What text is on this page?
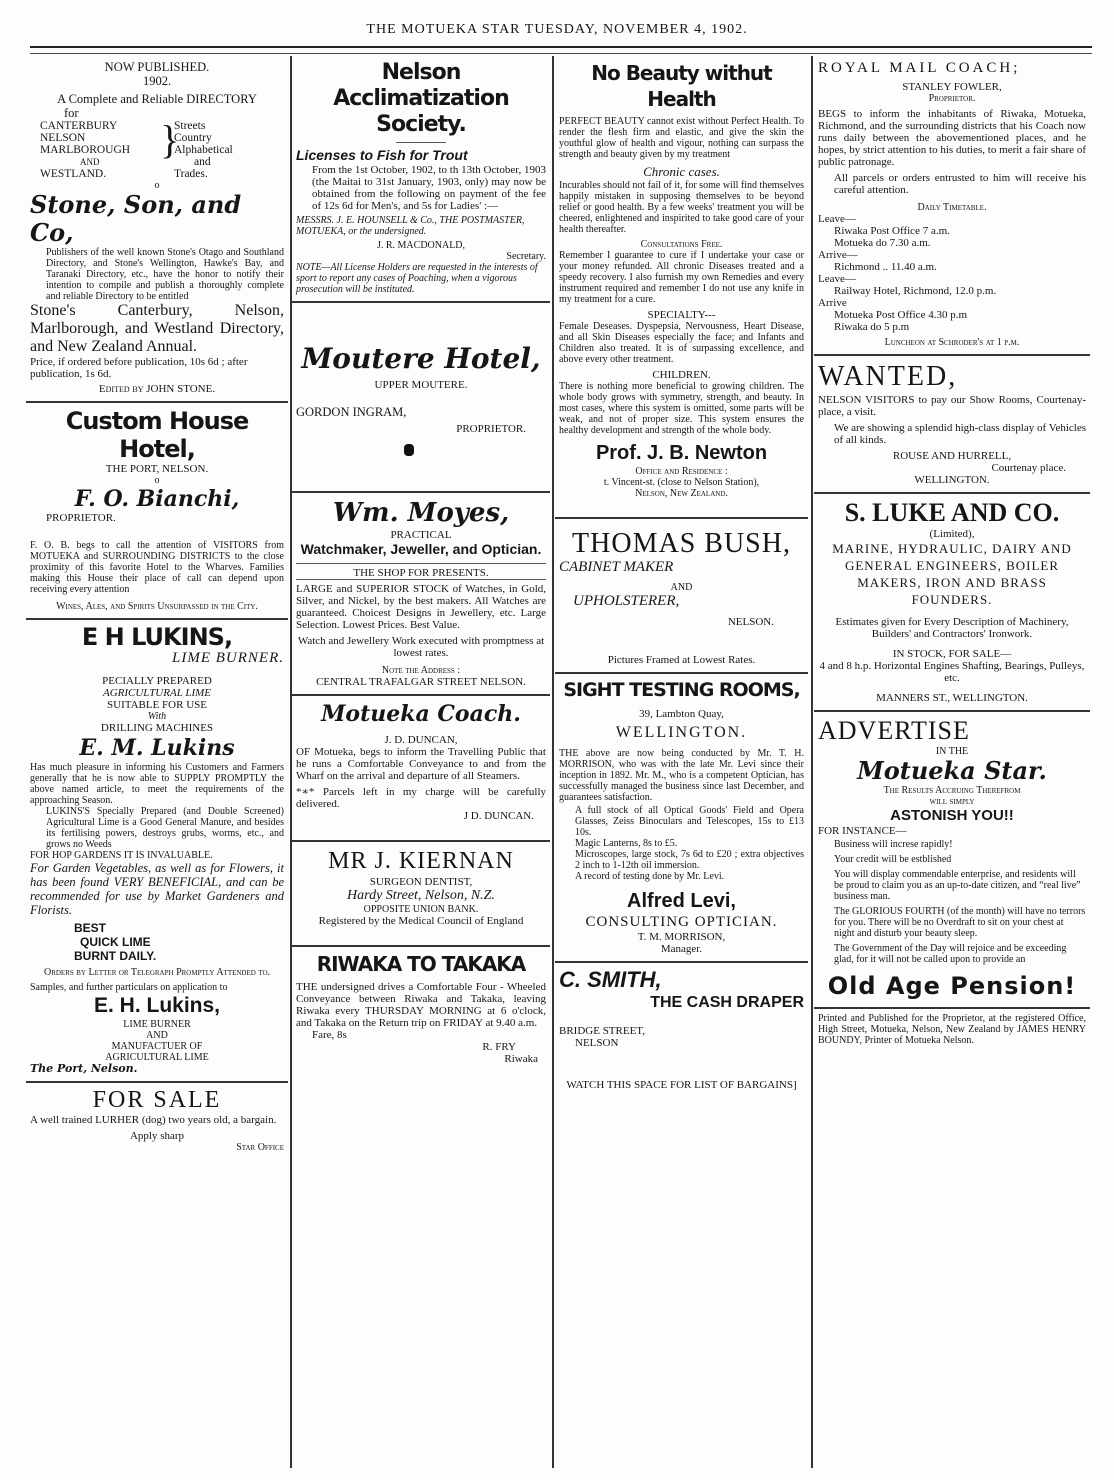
THE MOTUEKA STAR TUESDAY, NOVEMBER 4, 1902.
NOW PUBLISHED.
1902.
A Complete and Reliable DIRECTORY
for
CANTERBURY
NELSON
MARLBOROUGH
AND
WESTLAND.
}
Streets
Country
Alphabetical
and
Trades.
o
Stone, Son, and Co,
Publishers of the well known Stone's Otago and Southland Directory, and Stone's Wellington, Hawke's Bay, and Taranaki Directory, etc., have the honor to notify their intention to compile and publish a thoroughly complete and reliable Directory to be entitled
Stone's Canterbury, Nelson, Marlborough, and Westland Directory, and New Zealand Annual.
Price, if ordered before publication, 10s 6d ; after publication, 1s 6d.
Edited by JOHN STONE.
Custom House Hotel,
THE PORT, NELSON.
o
F. O. Bianchi,
PROPRIETOR.
F. O. B. begs to call the attention of VISITORS from MOTUEKA and SURROUNDING DISTRICTS to the close proximity of this favorite Hotel to the Wharves. Families making this House their place of call can depend upon receiving every attention
Wines, Ales, and Spirits Unsurpassed in the City.
E H LUKINS,
LIME BURNER.
PECIALLY PREPARED
AGRICULTURAL LIME
SUITABLE FOR USE
With
DRILLING MACHINES
E. M. Lukins
Has much pleasure in informing his Customers and Farmers generally that he is now able to SUPPLY PROMPTLY the above named article, to meet the requirements of the approaching Season.
LUKINS'S Specially Prepared (and Double Screened) Agricultural Lime is a Good General Manure, and besides its fertilising powers, destroys grubs, worms, etc., and grows no Weeds
FOR HOP GARDENS IT IS INVALUABLE.
For Garden Vegetables, as well as for Flowers, it has been found VERY BENEFICIAL, and can be recommended for use by Market Gardeners and Florists.
BEST
QUICK LIME
BURNT DAILY.
Orders by Letter or Telegraph Promptly Attended to.
Samples, and further particulars on application to
E. H. Lukins,
LIME BURNER
AND
MANUFACTUER OF
AGRICULTURAL LIME
The Port, Nelson.
FOR SALE
A well trained LURHER (dog) two years old, a bargain.
Apply sharp
Star Office
Nelson Acclimatization Society.
Licenses to Fish for Trout
From the 1st October, 1902, to th 13th October, 1903 (the Maitai to 31st January, 1903, only) may now be obtained from the following on payment of the fee of 12s 6d for Men's, and 5s for Ladies' :—
MESSRS. J. E. HOUNSELL & Co., THE POSTMASTER, MOTUEKA, or the undersigned.
J. R. MACDONALD,
Secretary.
NOTE—All License Holders are requested in the interests of sport to report any cases of Poaching, when a vigorous prosecution will be instituted.
Moutere Hotel,
UPPER MOUTERE.
GORDON INGRAM,
PROPRIETOR.
Wm. Moyes,
PRACTICAL
Watchmaker, Jeweller, and Optician.
THE SHOP FOR PRESENTS.
LARGE and SUPERIOR STOCK of Watches, in Gold, Silver, and Nickel, by the best makers. All Watches are guaranteed. Choicest Designs in Jewellery, etc. Large Selection. Lowest Prices. Best Value.
Watch and Jewellery Work executed with promptness at lowest rates.
Note the Address :
CENTRAL TRAFALGAR STREET NELSON.
Motueka Coach.
J. D. DUNCAN,
OF Motueka, begs to inform the Travelling Public that he runs a Comfortable Conveyance to and from the Wharf on the arrival and departure of all Steamers.
*∗* Parcels left in my charge will be carefully delivered.
J D. DUNCAN.
MR J. KIERNAN
SURGEON DENTIST,
Hardy Street, Nelson, N.Z.
OPPOSITE UNION BANK.
Registered by the Medical Council of England
RIWAKA TO TAKAKA
THE undersigned drives a Comfortable Four - Wheeled Conveyance between Riwaka and Takaka, leaving Riwaka every THURSDAY MORNING at 6 o'clock, and Takaka on the Return trip on FRIDAY at 9.40 a.m.
Fare, 8s
R. FRY
Riwaka
No Beauty withut Health
PERFECT BEAUTY cannot exist without Perfect Health. To render the flesh firm and elastic, and give the skin the youthful glow of health and vigour, nothing can surpass the strength and beauty given by my treatment
Chronic cases.
Incurables should not fail of it, for some will find themselves happily mistaken in supposing themselves to be beyond relief or good health. By a few weeks' treatment you will be cheered, enlightened and inspirited to take good care of your health thereafter.
Consultations Free.
Remember I guarantee to cure if I undertake your case or your money refunded. All chronic Diseases treated and a speedy recovery. I also furnish my own Remedies and every instrument required and remember I do not use any knife in my treatment for a cure.
SPECIALTY---
Female Deseases. Dyspepsia, Nervousness, Heart Disease, and all Skin Diseases especially the face; and Infants and Children also treated. It is of surpassing excellence, and above every other treatment.
CHILDREN.
There is nothing more beneficial to growing children. The whole body grows with symmetry, strength, and beauty. In most cases, where this system is omitted, some parts will be weak, and not of proper size. This system ensures the healthy development and strength of the whole body.
Prof. J. B. Newton
Office and Residence :
t. Vincent-st. (close to Nelson Station),
Nelson, New Zealand.
THOMAS BUSH,
CABINET MAKER
AND
UPHOLSTERER,
NELSON.
Pictures Framed at Lowest Rates.
SIGHT TESTING ROOMS,
39, Lambton Quay,
WELLINGTON.
THE above are now being conducted by Mr. T. H. MORRISON, who was with the late Mr. Levi since their inception in 1892. Mr. M., who is a competent Optician, has successfully managed the business since last December, and guarantees satisfaction.
A full stock of all Optical Goods' Field and Opera Glasses, Zeiss Binoculars and Telescopes, 15s to £13 10s.
Magic Lanterns, 8s to £5.
Microscopes, large stock, 7s 6d to £20 ; extra objectives 2 inch to 1-12th oil immersion.
A record of testing done by Mr. Levi.
Alfred Levi,
CONSULTING OPTICIAN.
T. M. MORRISON,
Manager.
C. SMITH,
THE CASH DRAPER
BRIDGE STREET,
NELSON
WATCH THIS SPACE FOR LIST OF BARGAINS]
ROYAL MAIL COACH;
STANLEY FOWLER,
Proprietor.
BEGS to inform the inhabitants of Riwaka, Motueka, Richmond, and the surrounding districts that his Coach now runs daily between the abovementioned places, and he hopes, by strict attention to his duties, to merit a fair share of public patronage.
All parcels or orders entrusted to him will receive his careful attention.
Daily Timetable.
Leave—
Riwaka Post Office 7 a.m.
Motueka do 7.30 a.m.
Arrive—
Richmond .. 11.40 a.m.
Leave—
Railway Hotel, Richmond, 12.0 p.m.
Arrive
Motueka Post Office 4.30 p.m
Riwaka do 5 p.m
Luncheon at Schroder's at 1 p.m.
WANTED,
NELSON VISITORS to pay our Show Rooms, Courtenay-place, a visit.
We are showing a splendid high-class display of Vehicles of all kinds.
ROUSE AND HURRELL,
Courtenay place.
WELLINGTON.
S. LUKE AND CO.
(Limited),
MARINE, HYDRAULIC, DAIRY AND GENERAL ENGINEERS, BOILER MAKERS, IRON AND BRASS FOUNDERS.
Estimates given for Every Description of Machinery, Builders' and Contractors' Ironwork.
IN STOCK, FOR SALE—
4 and 8 h.p. Horizontal Engines Shafting, Bearings, Pulleys, etc.
MANNERS ST., WELLINGTON.
ADVERTISE
IN THE
Motueka Star.
The Results Accruing Therefrom
will simply
ASTONISH YOU!!
FOR INSTANCE—
Business will increse rapidly!
Your credit will be estblished
You will display commendable enterprise, and residents will be proud to claim you as an up-to-date citizen, and “real live” business man.
The GLORIOUS FOURTH (of the month) will have no terrors for you. There will be no Overdraft to sit on your chest at night and disturb your beauty sleep.
The Government of the Day will rejoice and be exceeding glad, for it will not be called upon to provide an
Old Age Pension!
Printed and Published for the Proprietor, at the registered Office, High Street, Motueka, Nelson, New Zealand by JAMES HENRY BOUNDY, Printer of Motueka Nelson.
